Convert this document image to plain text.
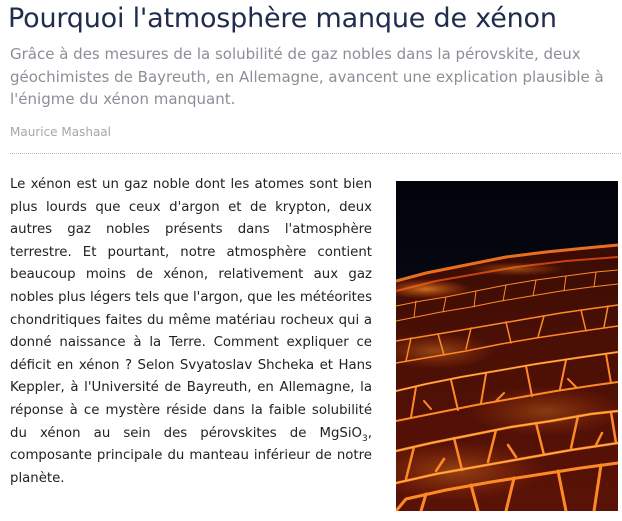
Pourquoi l'atmosphère manque de xénon

Grâce à des mesures de la solubilité de gaz nobles dans la pérovskite, deux géochimistes de Bayreuth, en Allemagne, avancent une explication plausible à l'énigme du xénon manquant.

Maurice Mashaal

Le xénon est un gaz noble dont les atomes sont bien plus lourds que ceux d'argon et de krypton, deux autres gaz nobles présents dans l'atmosphère terrestre. Et pourtant, notre atmosphère contient beaucoup moins de xénon, relativement aux gaz nobles plus légers tels que l'argon, que les météorites chondritiques faites du même matériau rocheux qui a donné naissance à la Terre. Comment expliquer ce déficit en xénon ? Selon Svyatoslav Shcheka et Hans Keppler, à l'Université de Bayreuth, en Allemagne, la réponse à ce mystère réside dans la faible solubilité du xénon au sein des pérovskites de MgSiO$_3$, composante principale du manteau inférieur de notre planète.
